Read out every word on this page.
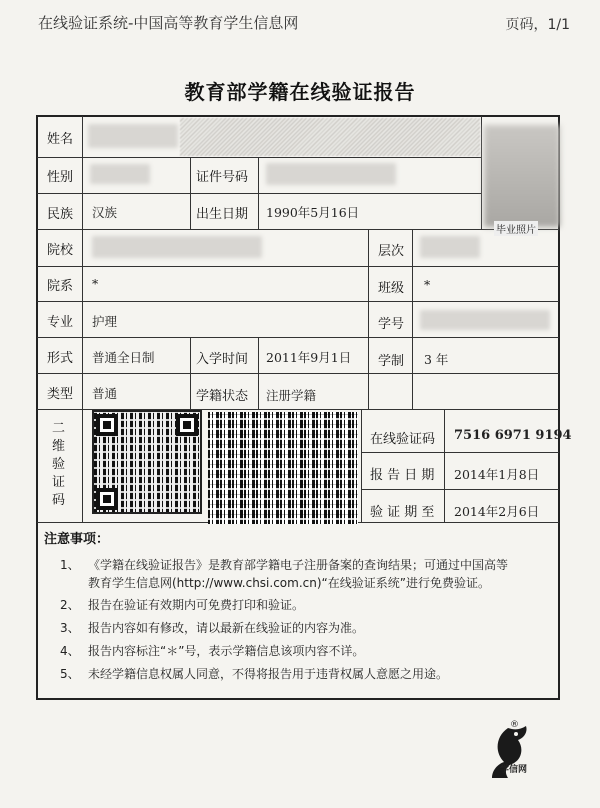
在线验证系统-中国高等教育学生信息网	页码，1/1
教育部学籍在线验证报告
姓名
性别	证件号码
民族 汉族	出生日期 1990年5月16日
毕业照片
院校	层次
院系 *	班级 *
专业 护理	学号
形式 普通全日制	入学时间 2011年9月1日 学制 3 年
类型 普通	学籍状态 注册学籍
二维验证码
在线验证码 7516 6971 9194
报 告 日 期 2014年1月8日
验 证 期 至 2014年2月6日
注意事项：
1、 《学籍在线验证报告》是教育部学籍电子注册备案的查询结果；可通过中国高等教育学生信息网(http://www.chsi.com.cn)“在线验证系统”进行免费验证。
2、 报告在验证有效期内可免费打印和验证。
3、 报告内容如有修改，请以最新在线验证的内容为准。
4、 报告内容标注“＊”号，表示学籍信息该项内容不详。
5、 未经学籍信息权属人同意，不得将报告用于违背权属人意愿之用途。
®
学信网
